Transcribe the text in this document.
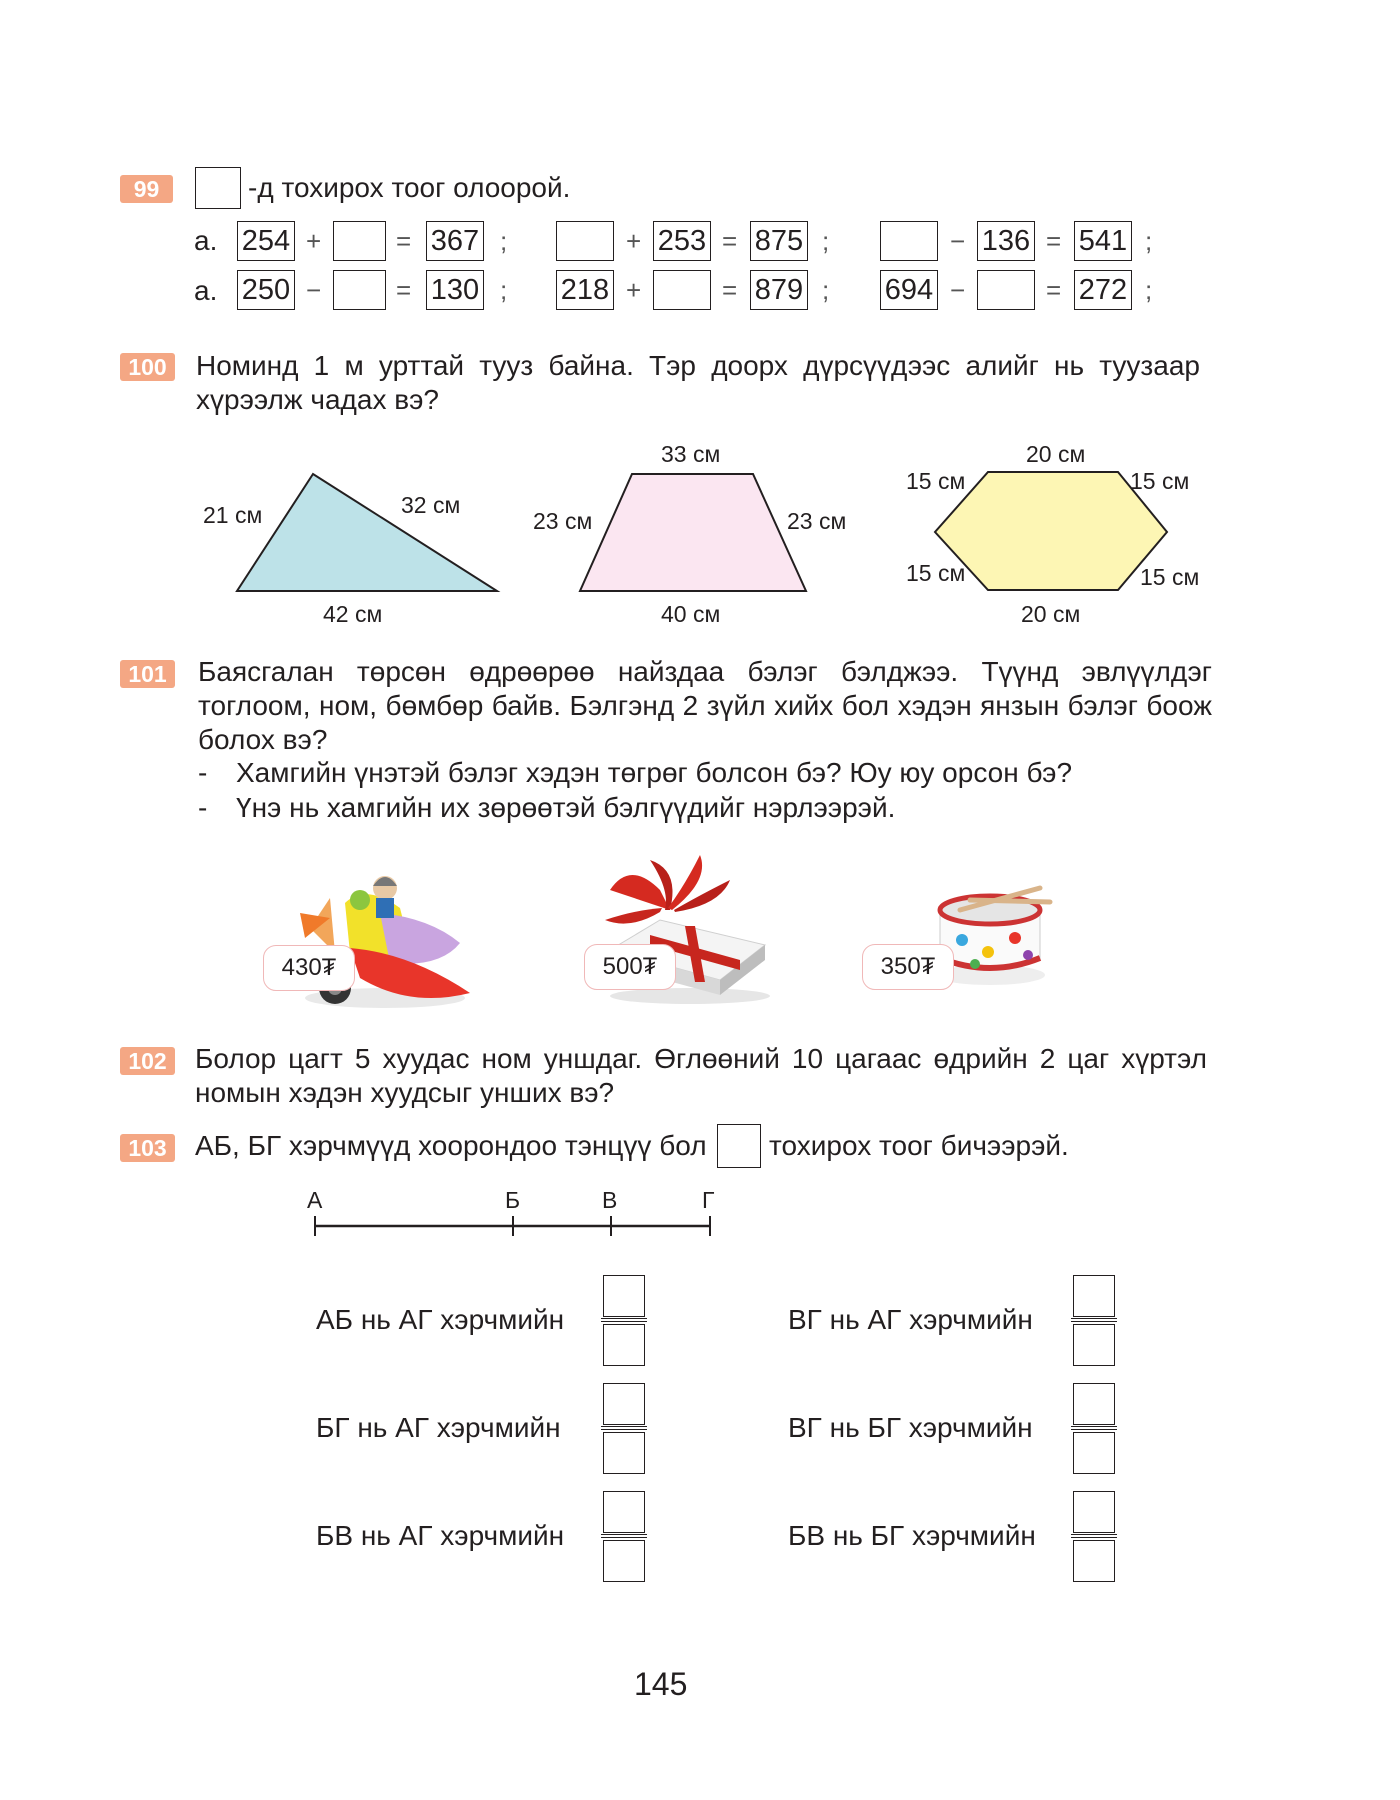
99	-д тохирох тоог олоорой.
а.
а.
254 +	= 367 ;	+ 253 = 875 ;	− 136 = 541 ;
250 −	= 130 ; 218 +	= 879 ; 694 −	= 272 ;
100 Номинд 1 м урттай тууз байна. Тэр доорх дүрсүүдээс алийг нь туузаар хүрээлж чадах вэ?
21 см	32 см
42 см
33 см
23 см	23 см
40 см
20 см
15 см	15 см
15 см	15 см
20 см
101 Баясгалан төрсөн өдрөөрөө найздаа бэлэг бэлджээ. Түүнд эвлүүлдэг тоглоом, ном, бөмбөр байв. Бэлгэнд 2 зүйл хийх бол хэдэн янзын бэлэг боож болох вэ?
- Хамгийн үнэтэй бэлэг хэдэн төгрөг болсон бэ? Юу юу орсон бэ?
- Үнэ нь хамгийн их зөрөөтэй бэлгүүдийг нэрлээрэй.
430₮	500₮	350₮
102 Болор цагт 5 хуудас ном уншдаг. Өглөөний 10 цагаас өдрийн 2 цаг хүртэл номын хэдэн хуудсыг унших вэ?
103 АБ, БГ хэрчмүүд хоорондоо тэнцүү бол тохирох тоог бичээрэй.
А	Б	В	Г
АБ нь АГ хэрчмийн
БГ нь АГ хэрчмийн
БВ нь АГ хэрчмийн
ВГ нь АГ хэрчмийн
ВГ нь БГ хэрчмийн
БВ нь БГ хэрчмийн
145
